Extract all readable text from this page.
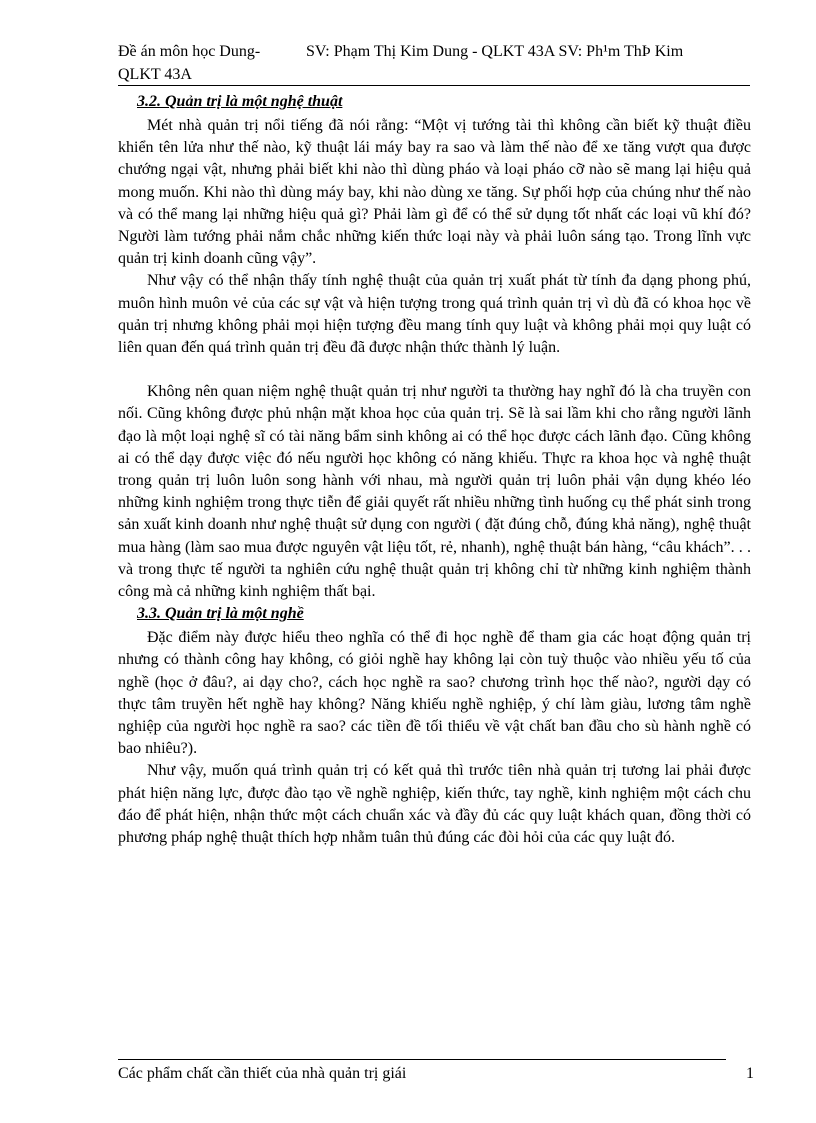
Đề án môn học Dung-QLKT 43A
SV: Phạm Thị Kim Dung - QLKT 43A SV: Ph¹m ThÞ Kim
3.2. Quản trị là một nghệ thuật

Mét nhà quản trị nổi tiếng đã nói rằng: “Một vị tướng tài thì không cần biết kỹ thuật điều khiển tên lửa như thế nào, kỹ thuật lái máy bay ra sao và làm thế nào để xe tăng vượt qua được chướng ngại vật, nhưng phải biết khi nào thì dùng pháo và loại pháo cỡ nào sẽ mang lại hiệu quả mong muốn. Khi nào thì dùng máy bay, khi nào dùng xe tăng. Sự phối hợp của chúng như thế nào và có thể mang lại những hiệu quả gì? Phải làm gì để có thể sử dụng tốt nhất các loại vũ khí đó? Người làm tướng phải nắm chắc những kiến thức loại này và phải luôn sáng tạo. Trong lĩnh vực quản trị kinh doanh cũng vậy”.

Như vậy có thể nhận thấy tính nghệ thuật của quản trị xuất phát từ tính đa dạng phong phú, muôn hình muôn vẻ của các sự vật và hiện tượng trong quá trình quản trị vì dù đã có khoa học về quản trị nhưng không phải mọi hiện tượng đều mang tính quy luật và không phải mọi quy luật có liên quan đến quá trình quản trị đều đã được nhận thức thành lý luận.

Không nên quan niệm nghệ thuật quản trị như người ta thường hay nghĩ đó là cha truyền con nối. Cũng không được phủ nhận mặt khoa học của quản trị. Sẽ là sai lầm khi cho rằng người lãnh đạo là một loại nghệ sĩ có tài năng bẩm sinh không ai có thể học được cách lãnh đạo. Cũng không ai có thể dạy được việc đó nếu người học không có năng khiếu. Thực ra khoa học và nghệ thuật trong quản trị luôn luôn song hành với nhau, mà người quản trị luôn phải vận dụng khéo léo những kinh nghiệm trong thực tiễn để giải quyết rất nhiều những tình huống cụ thể phát sinh trong sản xuất kinh doanh như nghệ thuật sử dụng con người ( đặt đúng chỗ, đúng khả năng), nghệ thuật mua hàng (làm sao mua được nguyên vật liệu tốt, rẻ, nhanh), nghệ thuật bán hàng, “câu khách”. . . và trong thực tế người ta nghiên cứu nghệ thuật quản trị không chỉ từ những kinh nghiệm thành công mà cả những kinh nghiệm thất bại.

3.3. Quản trị là một nghề

Đặc điểm này được hiểu theo nghĩa có thể đi học nghề để tham gia các hoạt động quản trị nhưng có thành công hay không, có giỏi nghề hay không lại còn tuỳ thuộc vào nhiều yếu tố của nghề (học ở đâu?, ai dạy cho?, cách học nghề ra sao? chương trình học thế nào?, người dạy có thực tâm truyền hết nghề hay không? Năng khiếu nghề nghiệp, ý chí làm giàu, lương tâm nghề nghiệp của người học nghề ra sao? các tiền đề tối thiểu về vật chất ban đầu cho sù hành nghề có bao nhiêu?).

Như vậy, muốn quá trình quản trị có kết quả thì trước tiên nhà quản trị tương lai phải được phát hiện năng lực, được đào tạo về nghề nghiệp, kiến thức, tay nghề, kinh nghiệm một cách chu đáo để phát hiện, nhận thức một cách chuẩn xác và đầy đủ các quy luật khách quan, đồng thời có phương pháp nghệ thuật thích hợp nhằm tuân thủ đúng các đòi hỏi của các quy luật đó.

Các phẩm chất cần thiết của nhà quản trị giái	1
